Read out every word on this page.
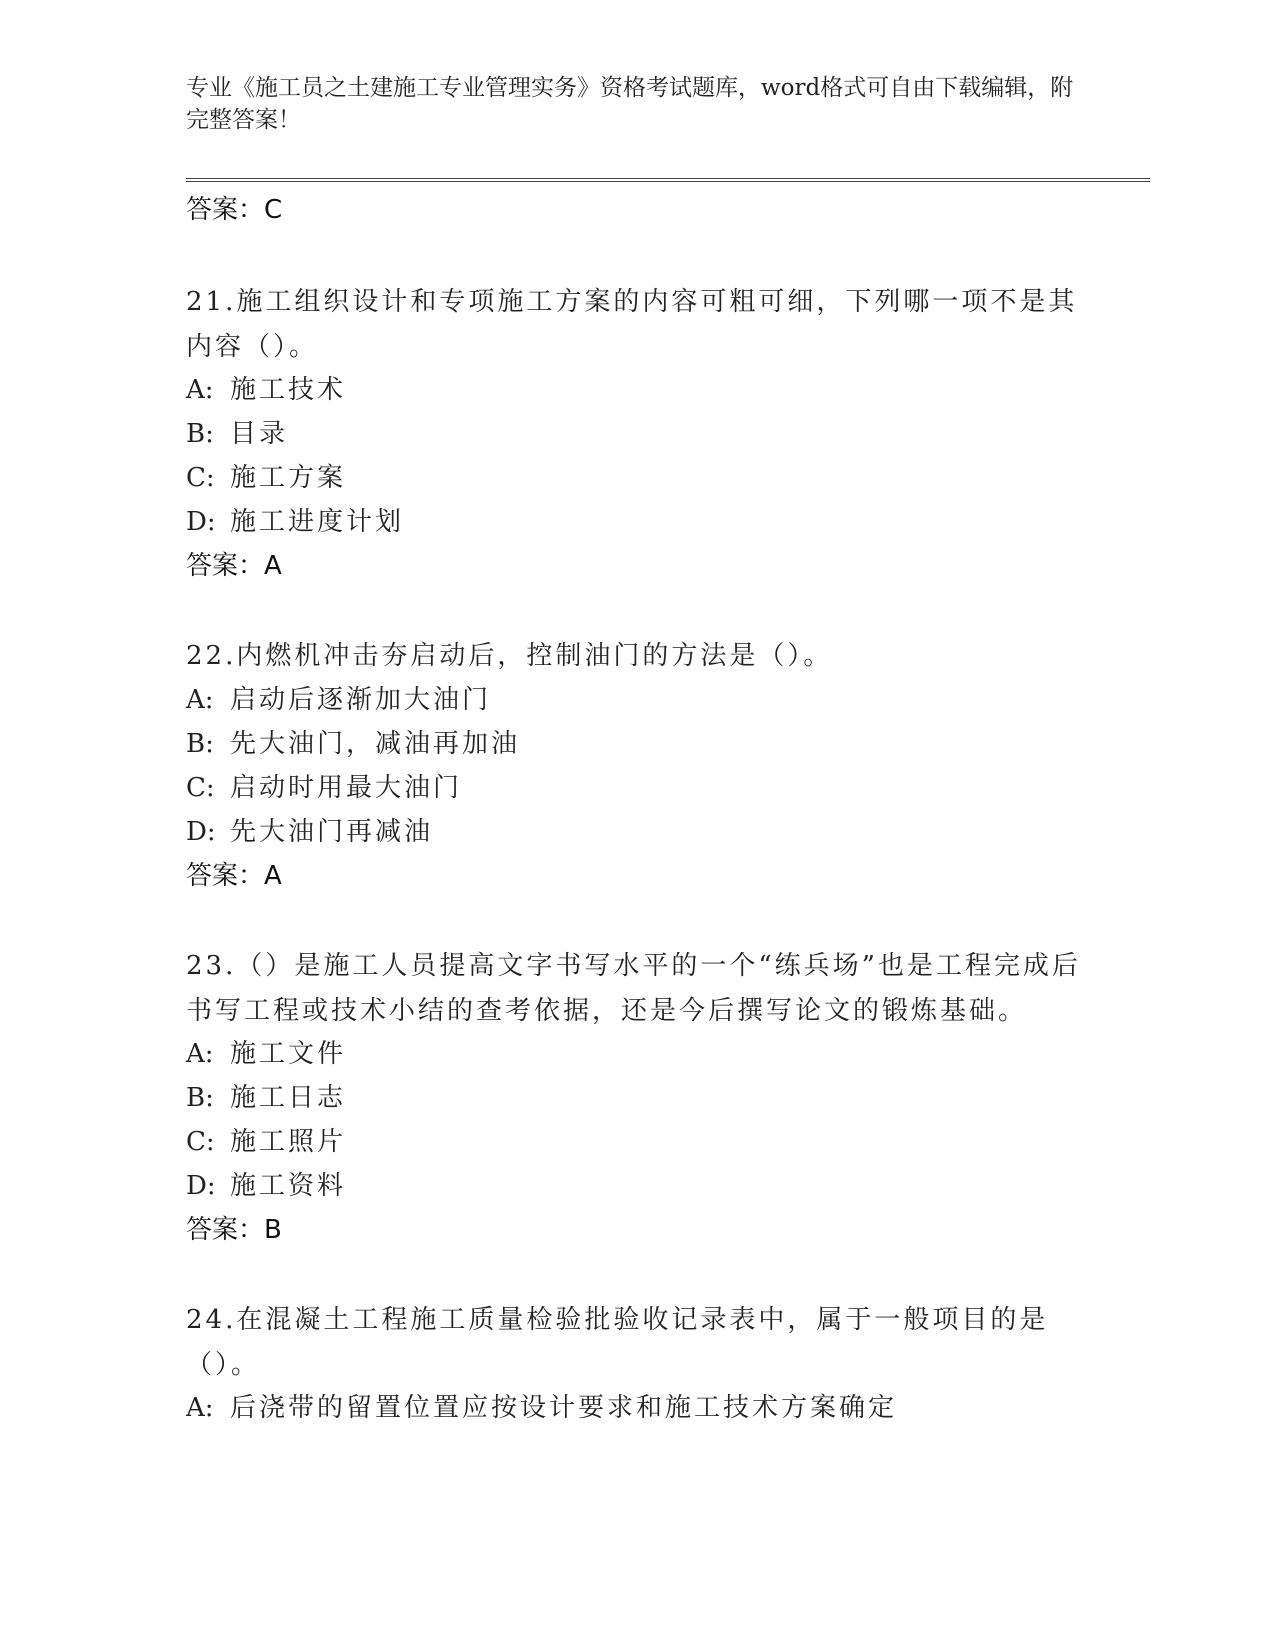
专业《施工员之土建施工专业管理实务》资格考试题库，word格式可自由下载编辑，附完整答案！
答案：C
21.施工组织设计和专项施工方案的内容可粗可细，下列哪一项不是其内容（）。
A: 施工技术
B: 目录
C: 施工方案
D: 施工进度计划
答案：A
22.内燃机冲击夯启动后，控制油门的方法是（）。
A: 启动后逐渐加大油门
B: 先大油门，减油再加油
C: 启动时用最大油门
D: 先大油门再减油
答案：A
23.（）是施工人员提高文字书写水平的一个“练兵场”也是工程完成后书写工程或技术小结的查考依据，还是今后撰写论文的锻炼基础。
A: 施工文件
B: 施工日志
C: 施工照片
D: 施工资料
答案：B
24.在混凝土工程施工质量检验批验收记录表中，属于一般项目的是（）。
A: 后浇带的留置位置应按设计要求和施工技术方案确定
